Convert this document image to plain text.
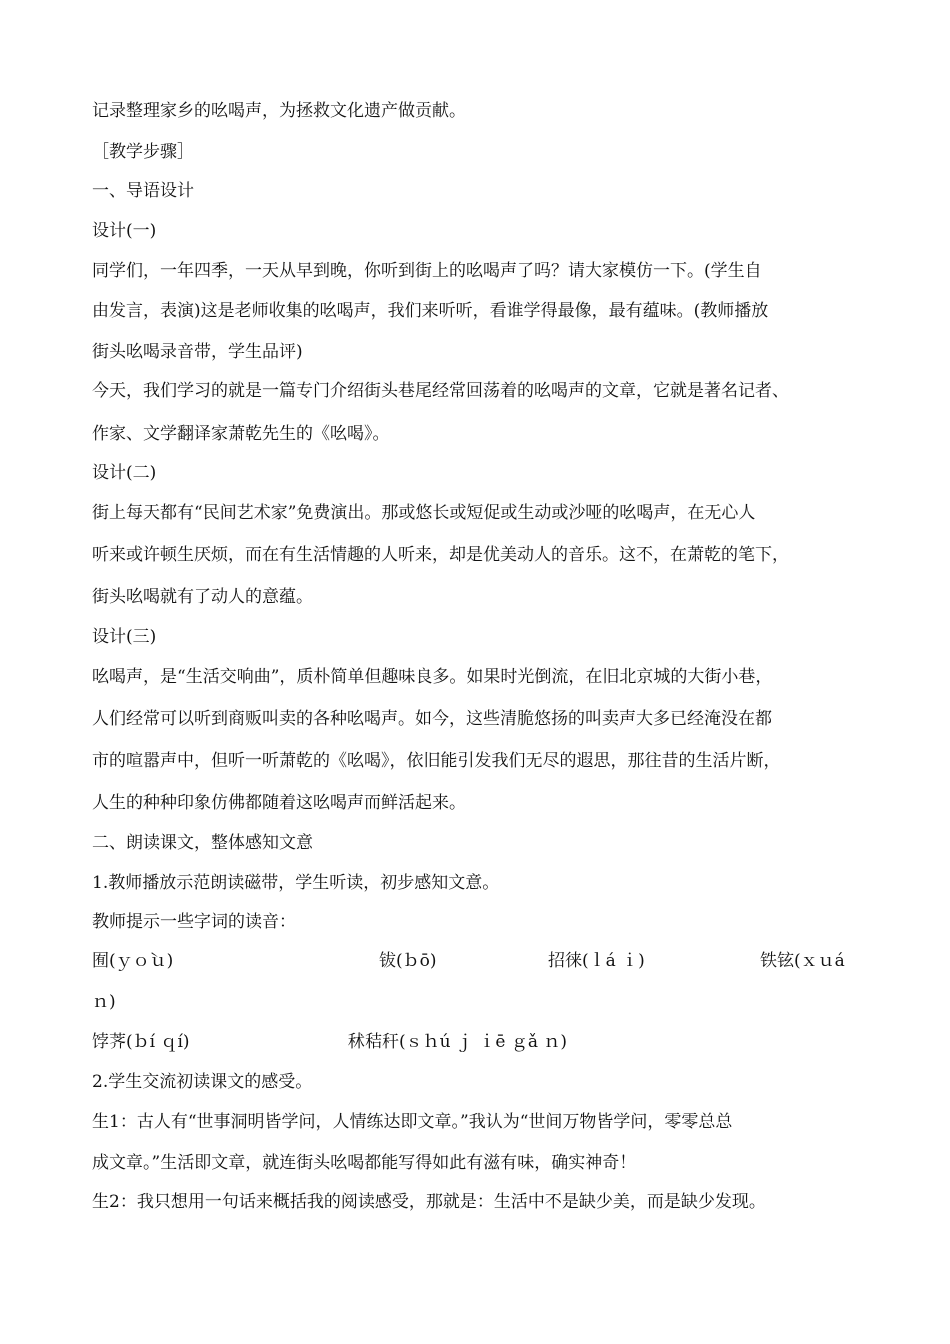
记录整理家乡的吆喝声，为拯救文化遗产做贡献。
［教学步骤］
一、导语设计
设计(一)
同学们，一年四季，一天从早到晚，你听到街上的吆喝声了吗？请大家模仿一下。(学生自
由发言，表演)这是老师收集的吆喝声，我们来听听，看谁学得最像，最有蕴味。(教师播放
街头吆喝录音带，学生品评)
今天，我们学习的就是一篇专门介绍街头巷尾经常回荡着的吆喝声的文章，它就是著名记者、
作家、文学翻译家萧乾先生的《吆喝》。
设计(二)
街上每天都有“民间艺术家”免费演出。那或悠长或短促或生动或沙哑的吆喝声，在无心人
听来或许顿生厌烦，而在有生活情趣的人听来，却是优美动人的音乐。这不，在萧乾的笔下，
街头吆喝就有了动人的意蕴。
设计(三)
吆喝声，是“生活交响曲”，质朴简单但趣味良多。如果时光倒流，在旧北京城的大街小巷，
人们经常可以听到商贩叫卖的各种吆喝声。如今，这些清脆悠扬的叫卖声大多已经淹没在都
市的喧嚣声中，但听一听萧乾的《吆喝》，依旧能引发我们无尽的遐思，那往昔的生活片断，
人生的种种印象仿佛都随着这吆喝声而鲜活起来。
二、朗读课文，整体感知文意
1.教师播放示范朗读磁带，学生听读，初步感知文意。
教师提示一些字词的读音：
囿(ｙｏ̀ｕ)	钹(ｂō)	招徕(ｌá ｉ)	铁铉(ｘｕá
ｎ)
饽荠(ｂí ｑí)	秫秸秆(ｓｈú ｊ ｉē ｇǎ ｎ)
2.学生交流初读课文的感受。
生1：古人有“世事洞明皆学问，人情练达即文章。”我认为“世间万物皆学问，零零总总
成文章。”生活即文章，就连街头吆喝都能写得如此有滋有味，确实神奇！
生2：我只想用一句话来概括我的阅读感受，那就是：生活中不是缺少美，而是缺少发现。
